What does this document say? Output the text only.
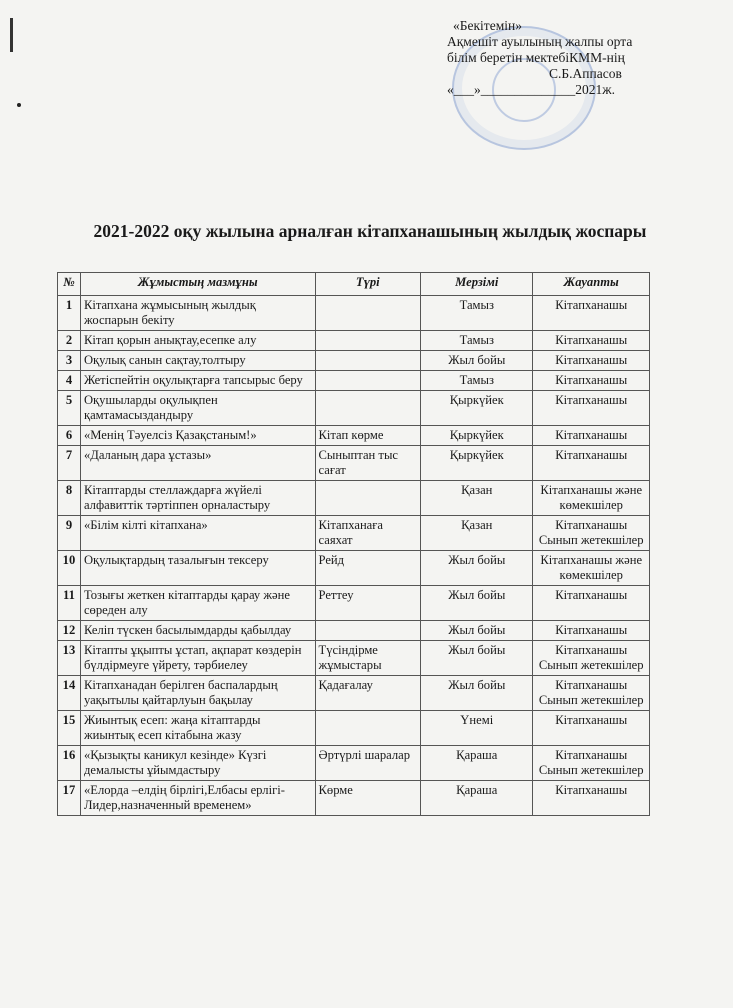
«Бекітемін»
Ақмешіт ауылының жалпы орта
білім беретін мектебіКММ-нің
С.Б.Аппасов
«___»______________2021ж.
2021-2022 оқу жылына арналған кітапханашының жылдық жоспары
№	Жұмыстың мазмұны	Түрі	Мерзімі	Жауапты
1	Кітапхана жұмысының жылдық жоспарын бекіту		Тамыз	Кітапханашы
2	Кітап қорын анықтау,есепке алу		Тамыз	Кітапханашы
3	Оқулық санын сақтау,толтыру		Жыл бойы	Кітапханашы
4	Жетіспейтін оқулықтарға тапсырыс беру		Тамыз	Кітапханашы
5	Оқушыларды оқулықпен қамтамасыздандыру		Қыркүйек	Кітапханашы
6	«Менің Тәуелсіз Қазақстаным!»	Кітап көрме	Қыркүйек	Кітапханашы
7	«Даланың дара ұстазы»	Сыныптан тыс сағат	Қыркүйек	Кітапханашы
8	Кітаптарды стеллаждарға жүйелі алфавиттік тәртіппен орналастыру		Қазан	Кітапханашы және көмекшілер
9	«Білім кілті кітапхана»	Кітапханаға саяхат	Қазан	Кітапханашы Сынып жетекшілер
10	Оқулықтардың тазалығын тексеру	Рейд	Жыл бойы	Кітапханашы және көмекшілер
11	Тозығы жеткен кітаптарды қарау және сөреден алу	Реттеу	Жыл бойы	Кітапханашы
12	Келіп түскен басылымдарды қабылдау		Жыл бойы	Кітапханашы
13	Кітапты ұқыпты ұстап, ақпарат көздерін бүлдірмеуге үйрету, тәрбиелеу	Түсіндірме жұмыстары	Жыл бойы	Кітапханашы Сынып жетекшілер
14	Кітапханадан берілген баспалардың уақытылы қайтарлуын бақылау	Қадағалау	Жыл бойы	Кітапханашы Сынып жетекшілер
15	Жиынтық есеп: жаңа кітаптарды жиынтық есеп кітабына жазу		Үнемі	Кітапханашы
16	«Қызықты каникул кезінде» Күзгі демалысты ұйымдастыру	Әртүрлі шаралар	Қараша	Кітапханашы Сынып жетекшілер
17	«Елорда –елдің бірлігі,Елбасы ерлігі-Лидер,назначенный временем»	Көрме	Қараша	Кітапханашы
